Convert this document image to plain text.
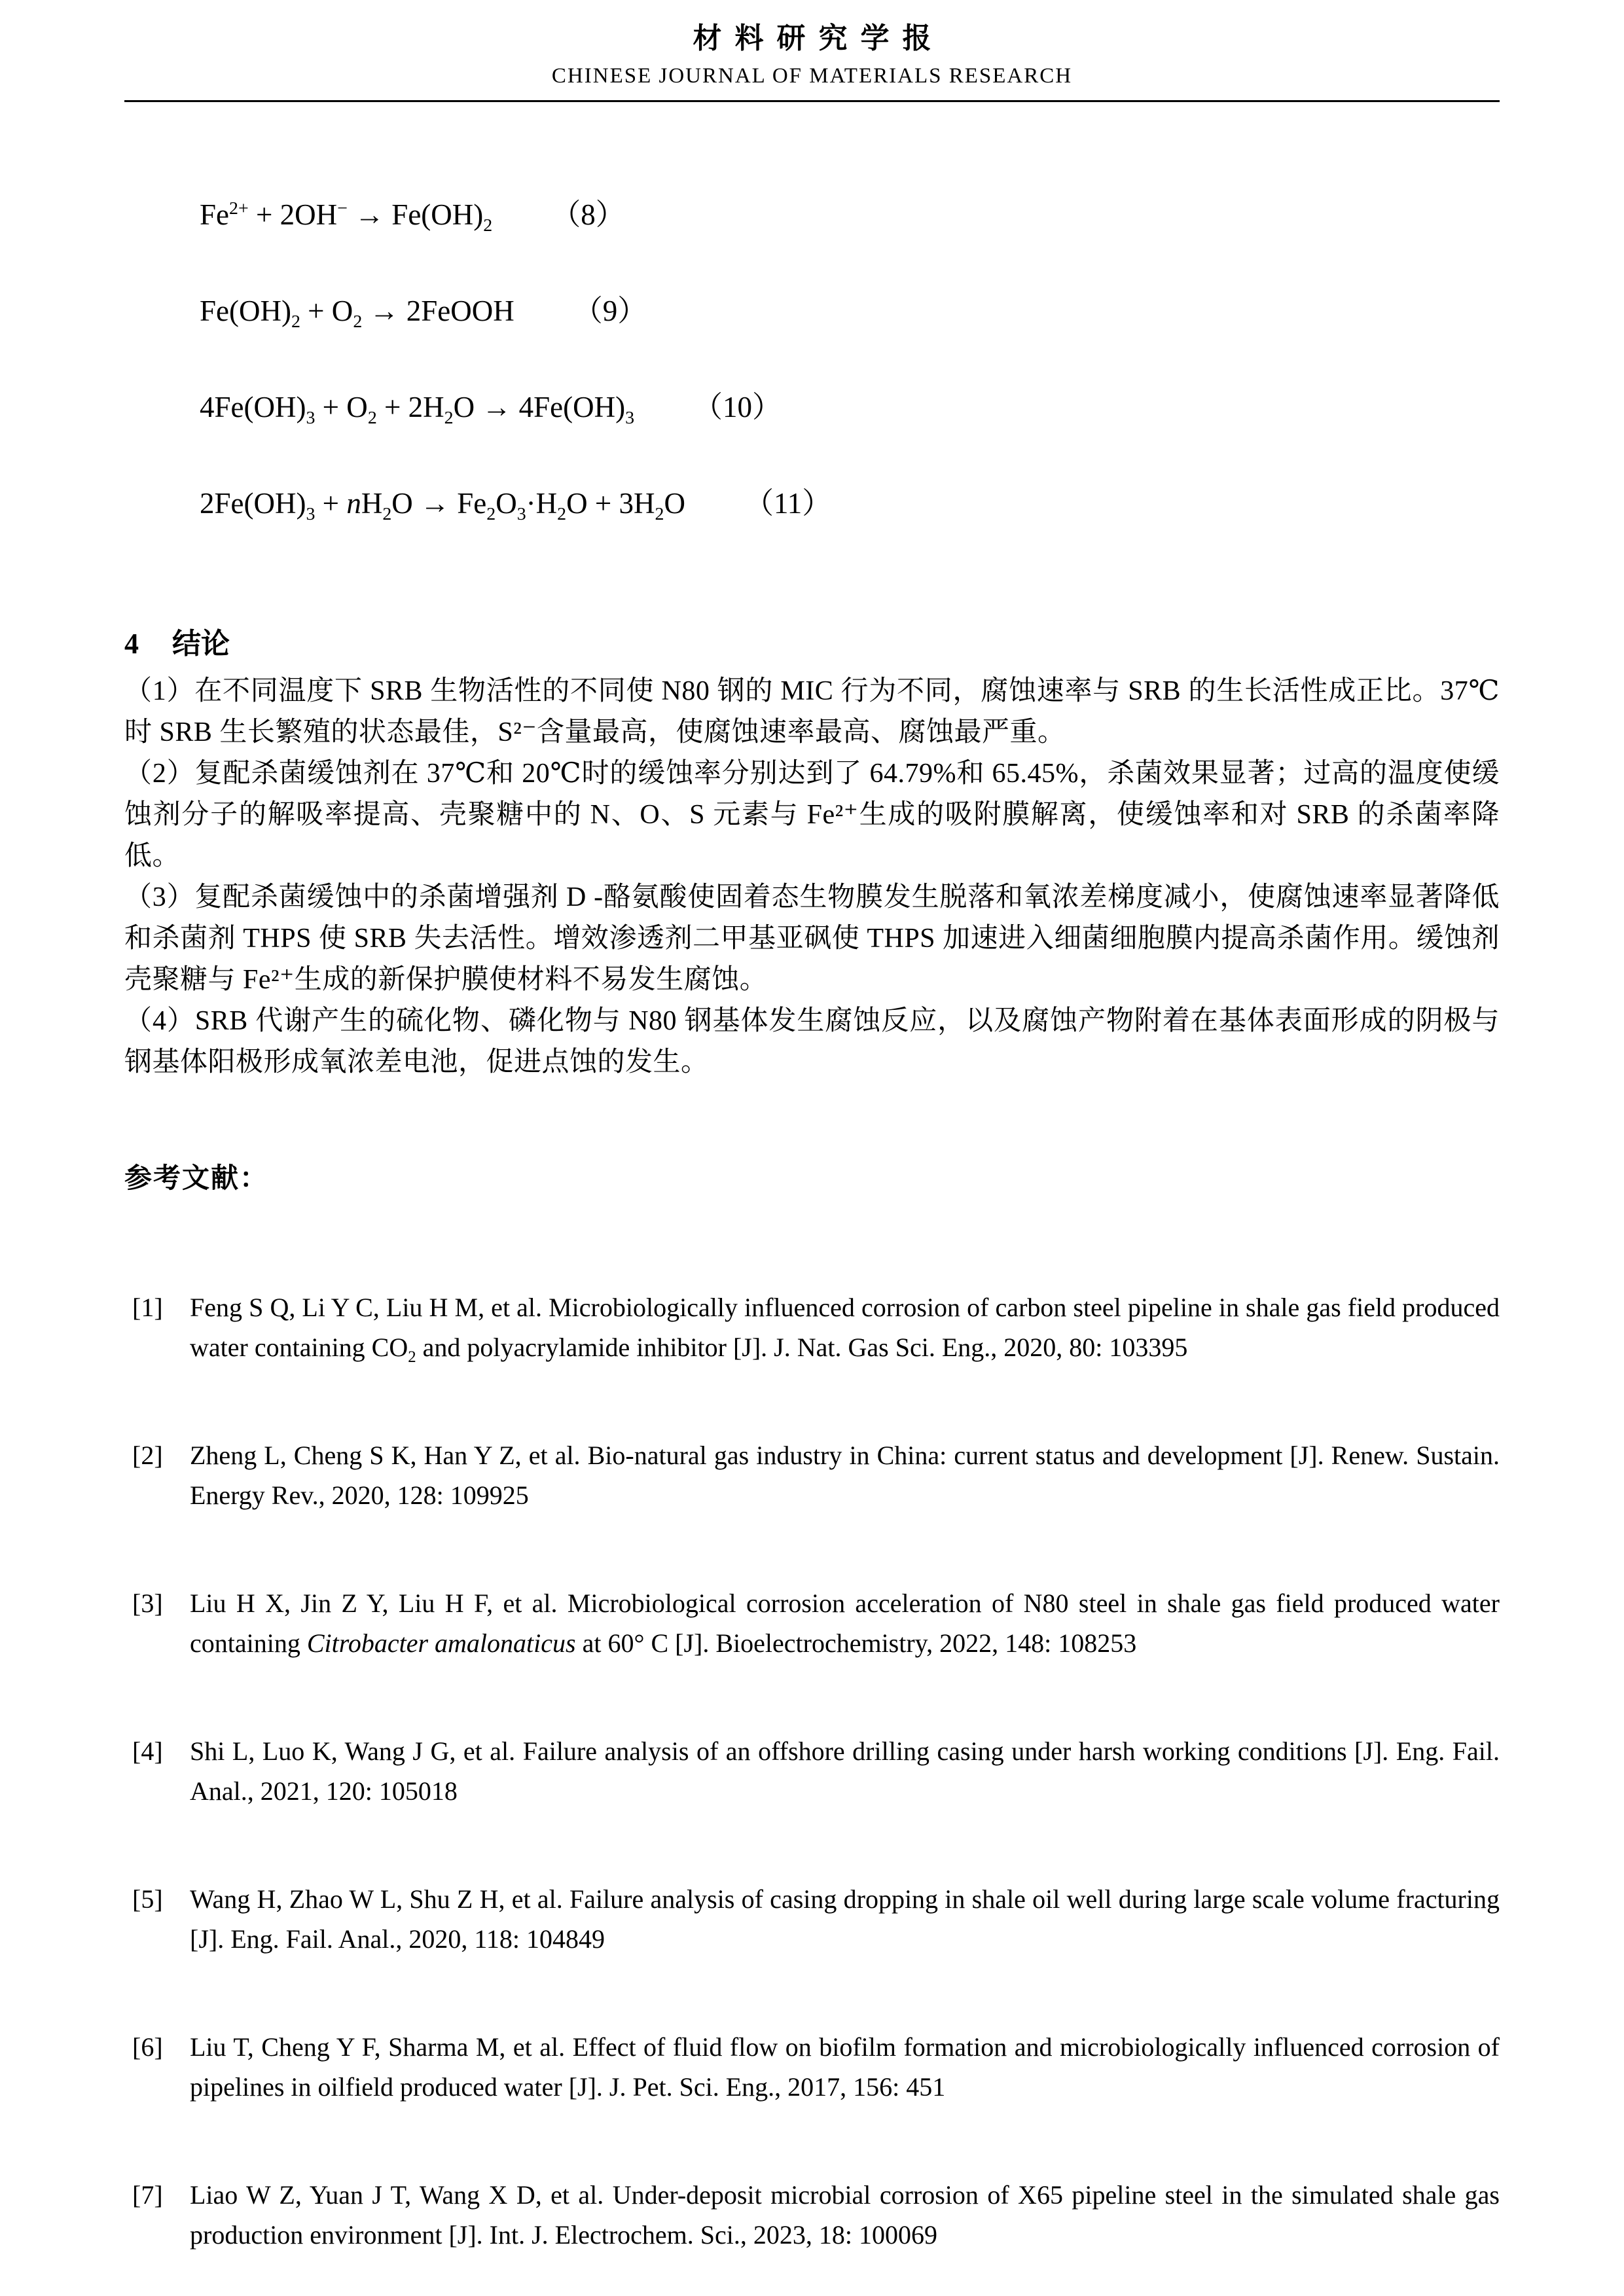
材料研究学报
CHINESE JOURNAL OF MATERIALS RESEARCH
$Fe^{2+} + 2OH^- \to Fe(OH)_2$ （8）
$Fe(OH)_2 + O_2$ → 2FeOOH （9）
$4Fe(OH)_3 + O_2 + 2H_2O \to 4Fe(OH)_3$ （10）
$2Fe(OH)_3 + nH_2O \to Fe_2O_3\cdot H_2O + 3H_2O$ （11）
4 结论

（1）在不同温度下 SRB 生物活性的不同使 N80 钢的 MIC 行为不同，腐蚀速率与 SRB 的生长活性成正比。37℃时 SRB 生长繁殖的状态最佳，S²⁻含量最高，使腐蚀速率最高、腐蚀最严重。

（2）复配杀菌缓蚀剂在 37℃和 20℃时的缓蚀率分别达到了 64.79%和 65.45%，杀菌效果显著；过高的温度使缓蚀剂分子的解吸率提高、壳聚糖中的 N、O、S 元素与 Fe²⁺生成的吸附膜解离，使缓蚀率和对 SRB 的杀菌率降低。

（3）复配杀菌缓蚀中的杀菌增强剂 D -酪氨酸使固着态生物膜发生脱落和氧浓差梯度减小，使腐蚀速率显著降低和杀菌剂 THPS 使 SRB 失去活性。增效渗透剂二甲基亚砜使 THPS 加速进入细菌细胞膜内提高杀菌作用。缓蚀剂壳聚糖与 Fe²⁺生成的新保护膜使材料不易发生腐蚀。

（4）SRB 代谢产生的硫化物、磷化物与 N80 钢基体发生腐蚀反应，以及腐蚀产物附着在基体表面形成的阴极与钢基体阳极形成氧浓差电池，促进点蚀的发生。

参考文献：
[1]	Feng S Q, Li Y C, Liu H M, et al. Microbiologically influenced corrosion of carbon steel pipeline in shale gas field produced water containing $CO_2$ and polyacrylamide inhibitor [J]. J. Nat. Gas Sci. Eng., 2020, 80: 103395
[2]	Zheng L, Cheng S K, Han Y Z, et al. Bio-natural gas industry in China: current status and development [J]. Renew. Sustain. Energy Rev., 2020, 128: 109925
[3]	Liu H X, Jin Z Y, Liu H F, et al. Microbiological corrosion acceleration of N80 steel in shale gas field produced water containing Citrobacter amalonaticus at 60° C [J]. Bioelectrochemistry, 2022, 148: 108253
[4]	Shi L, Luo K, Wang J G, et al. Failure analysis of an offshore drilling casing under harsh working conditions [J]. Eng. Fail. Anal., 2021, 120: 105018
[5]	Wang H, Zhao W L, Shu Z H, et al. Failure analysis of casing dropping in shale oil well during large scale volume fracturing [J]. Eng. Fail. Anal., 2020, 118: 104849
[6]	Liu T, Cheng Y F, Sharma M, et al. Effect of fluid flow on biofilm formation and microbiologically influenced corrosion of pipelines in oilfield produced water [J]. J. Pet. Sci. Eng., 2017, 156: 451
[7]	Liao W Z, Yuan J T, Wang X D, et al. Under-deposit microbial corrosion of X65 pipeline steel in the simulated shale gas production environment [J]. Int. J. Electrochem. Sci., 2023, 18: 100069
